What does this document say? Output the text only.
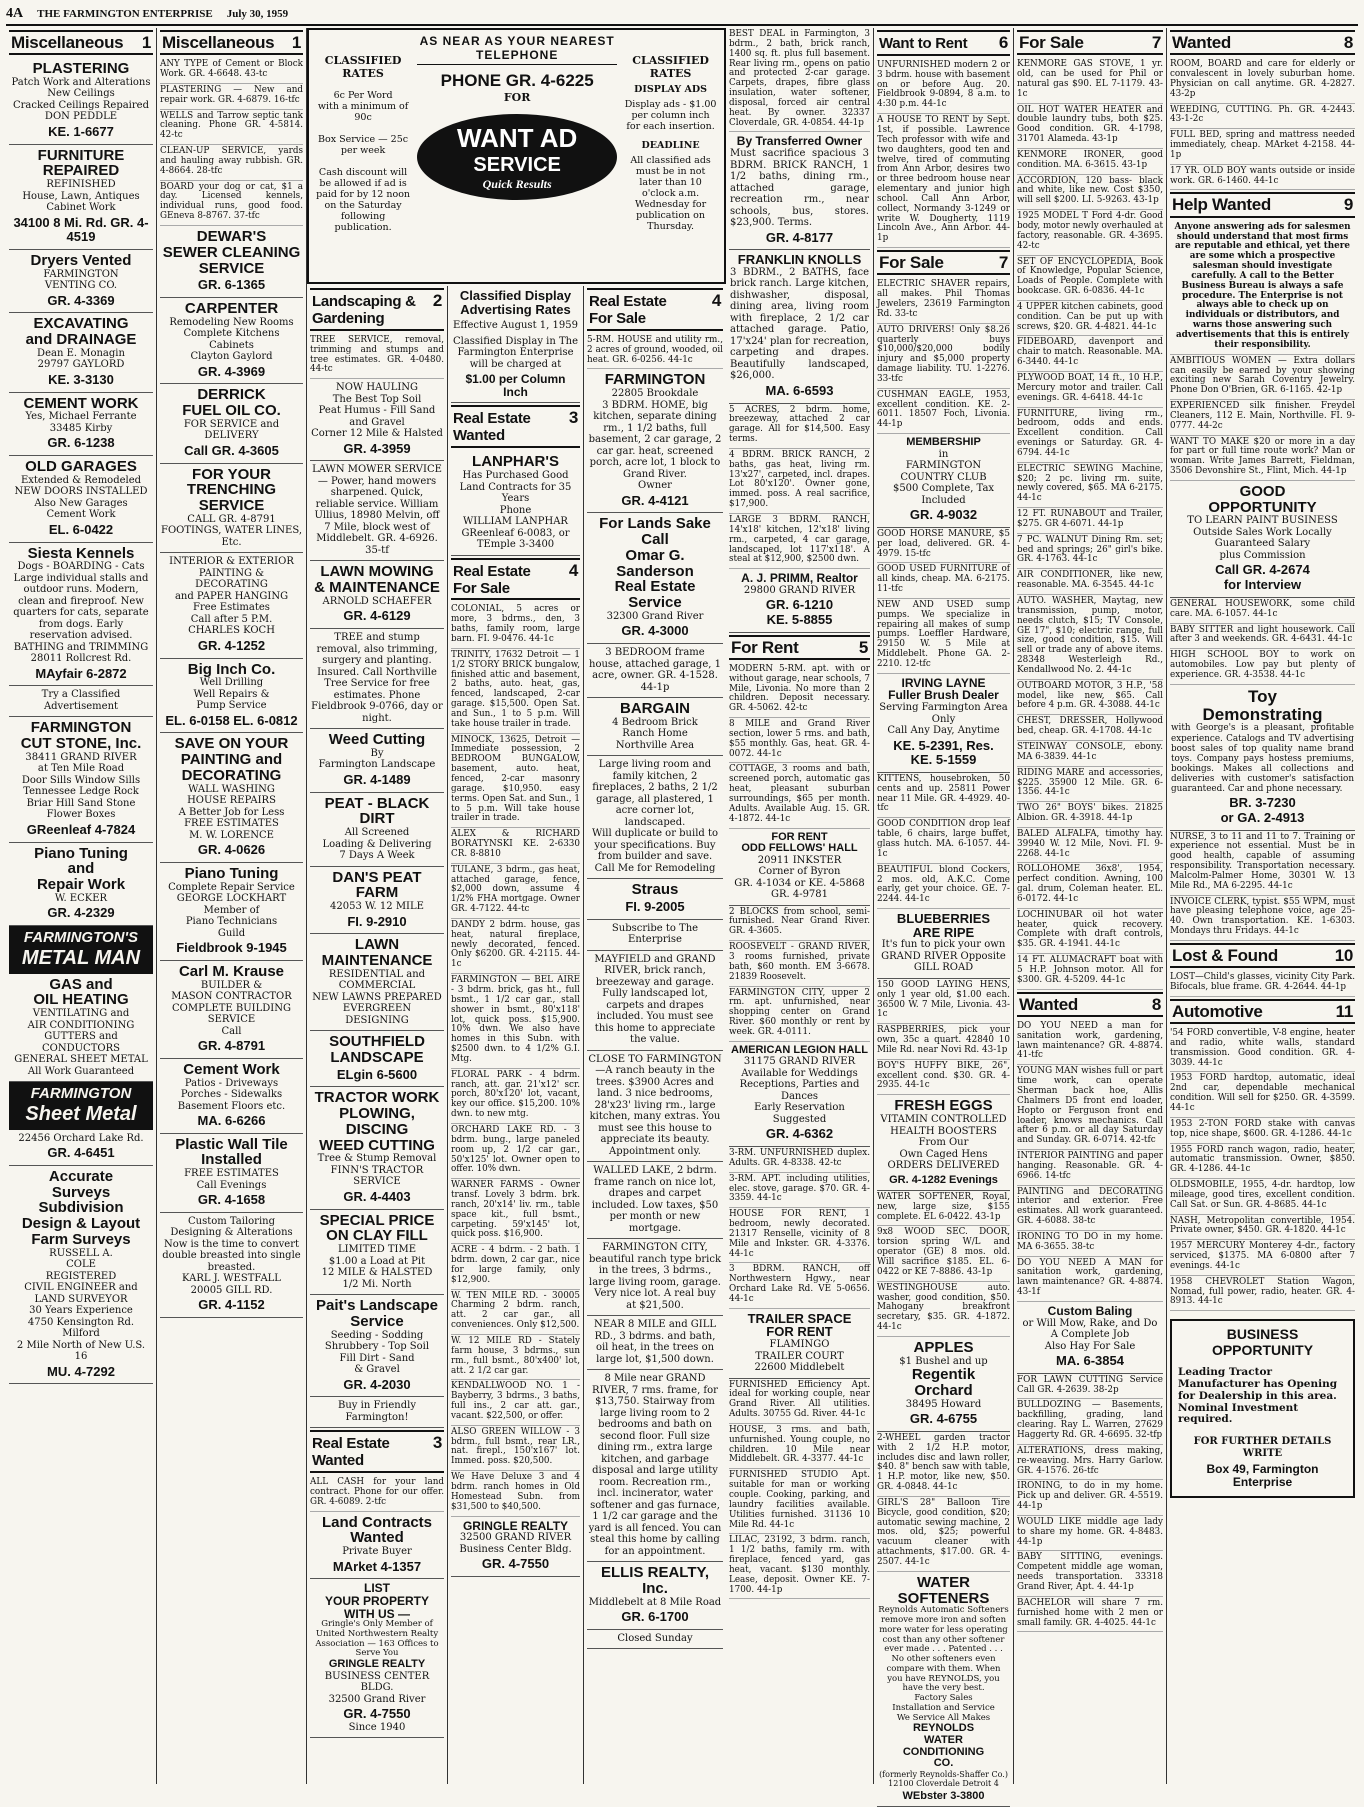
4A THE FARMINGTON ENTERPRISE July 30, 1959
Miscellaneous 1
PLASTERING
Patch Work and Alterations
New Ceilings
Cracked Ceilings Repaired
DON PEDDLE
KE. 1-6677
FURNITURE REPAIRED
REFINISHED
House, Lawn, Antiques
Cabinet Work
34100 8 Mi. Rd. GR. 4-4519
Dryers Vented
FARMINGTON
VENTING CO.
GR. 4-3369
EXCAVATING
and DRAINAGE
Dean E. Monagin
29797 GAYLORD
KE. 3-3130
CEMENT WORK
Yes, Michael Ferrante
33485 Kirby
GR. 6-1238
OLD GARAGES
Extended & Remodeled
NEW DOORS INSTALLED
Also New Garages
Cement Work
EL. 6-0422
Siesta Kennels
Dogs - BOARDING - Cats
Large individual stalls and outdoor runs. Modern, clean and fireproof. New quarters for cats, separate from dogs. Early reservation advised.
BATHING and TRIMMING
28011 Rollcrest Rd.
MAyfair 6-2872
Try a Classified Advertisement
FARMINGTON
CUT STONE, Inc.
38411 GRAND RIVER
at Ten Mile Road
Door Sills Window Sills
Tennessee Ledge Rock
Briar Hill Sand Stone
Flower Boxes
GReenleaf 4-7824
Piano Tuning
and
Repair Work
W. ECKER
GR. 4-2329
FARMINGTON'S
METAL MAN
GAS and
OIL HEATING
VENTILATING and
AIR CONDITIONING
GUTTERS and CONDUCTORS
GENERAL SHEET METAL
All Work Guaranteed
FARMINGTON
Sheet Metal
22456 Orchard Lake Rd.
GR. 4-6451
Accurate
Surveys
Subdivision
Design & Layout
Farm Surveys
RUSSELL A.
COLE
REGISTERED
CIVIL ENGINEER and
LAND SURVEYOR
30 Years Experience
4750 Kensington Rd.
Milford
2 Mile North of New U.S. 16
MU. 4-7292
Miscellaneous 1
ANY TYPE of Cement or Block Work. GR. 4-6648. 43-tc
PLASTERING — New and repair work. GR. 4-6879. 16-tfc
WELLS and Tarrow septic tank cleaning. Phone GR. 4-5814. 42-tc
CLEAN-UP SERVICE, yards and hauling away rubbish. GR. 4-8664. 28-tfc
BOARD your dog or cat, $1 a day. Licensed kennels, individual runs, good food. GEneva 8-8767. 37-tfc
DEWAR'S
SEWER CLEANING
SERVICE
GR. 6-1365
CARPENTER
Remodeling New Rooms
Complete Kitchens
Cabinets
Clayton Gaylord
GR. 4-3969
DERRICK
FUEL OIL CO.
FOR SERVICE and DELIVERY
Call GR. 4-3605
FOR YOUR
TRENCHING
SERVICE
CALL GR. 4-8791
FOOTINGS, WATER LINES, Etc.
INTERIOR & EXTERIOR
PAINTING & DECORATING
and PAPER HANGING
Free Estimates
Call after 5 P.M.
CHARLES KOCH
GR. 4-1252
Big Inch Co.
Well Drilling
Well Repairs &
Pump Service
EL. 6-0158 EL. 6-0812
SAVE ON YOUR
PAINTING and
DECORATING
WALL WASHING
HOUSE REPAIRS
A Better Job for Less
FREE ESTIMATES
M. W. LORENCE
GR. 4-0626
Piano Tuning
Complete Repair Service
GEORGE LOCKHART
Member of
Piano Technicians
Guild
Fieldbrook 9-1945
Carl M. Krause
BUILDER &
MASON CONTRACTOR
COMPLETE BUILDING
SERVICE
Call
GR. 4-8791
Cement Work
Patios - Driveways
Porches - Sidewalks
Basement Floors etc.
MA. 6-6266
Plastic Wall Tile
Installed
FREE ESTIMATES
Call Evenings
GR. 4-1658
Custom Tailoring
Designing & Alterations
Now is the time to convert double breasted into single breasted.
KARL J. WESTFALL
20005 GILL RD.
GR. 4-1152
CLASSIFIED RATES
6c Per Word
with a minimum of 90c

Box Service — 25c per week

Cash discount will be allowed if ad is paid for by 12 noon on the Saturday following publication.
AS NEAR AS YOUR NEAREST TELEPHONE
PHONE GR. 4-6225
FOR
WANT AD
SERVICE
Quick Results
CLASSIFIED RATES
DISPLAY ADS
Display ads - $1.00 per column inch for each insertion.
DEADLINE
All classified ads must be in not later than 10 o'clock a.m. Wednesday for publication on Thursday.
Landscaping &
Gardening
2
TREE SERVICE, removal, trimming and stumps and tree estimates. GR. 4-0480. 44-tc
NOW HAULING
The Best Top Soil
Peat Humus - Fill Sand
and Gravel
Corner 12 Mile & Halsted
GR. 4-3959
LAWN MOWER SERVICE — Power, hand mowers sharpened. Quick, reliable service. William Ullius, 18980 Melvin, off 7 Mile, block west of Middlebelt. GR. 4-6926. 35-tf
LAWN MOWING
& MAINTENANCE
ARNOLD SCHAEFER
GR. 4-6129
TREE and stump removal, also trimming, surgery and planting. Insured. Call Northville Tree Service for free estimates. Phone Fieldbrook 9-0766, day or night.
Weed Cutting
By
Farmington Landscape
GR. 4-1489
PEAT - BLACK DIRT
All Screened
Loading & Delivering
7 Days A Week
DAN'S PEAT FARM
42053 W. 12 MILE
FI. 9-2910
LAWN
MAINTENANCE
RESIDENTIAL and
COMMERCIAL
NEW LAWNS PREPARED
EVERGREEN DESIGNING
SOUTHFIELD
LANDSCAPE
ELgin 6-5600
TRACTOR WORK
PLOWING, DISCING
WEED CUTTING
Tree & Stump Removal
FINN'S TRACTOR SERVICE
GR. 4-4403
SPECIAL PRICE
ON CLAY FILL
LIMITED TIME
$1.00 a Load at Pit
12 MILE & HALSTED
1/2 Mi. North
Pait's Landscape
Service
Seeding - Sodding
Shrubbery - Top Soil
Fill Dirt - Sand
& Gravel
GR. 4-2030
Buy in Friendly Farmington!
Real Estate
Wanted
3
ALL CASH for your land contract. Phone for our offer. GR. 4-6089. 2-tfc
Land Contracts
Wanted
Private Buyer
MArket 4-1357
LIST
YOUR PROPERTY
WITH US —
Gringle's Only Member of United Northwestern Realty Association — 163 Offices to Serve You
GRINGLE REALTY
BUSINESS CENTER BLDG.
32500 Grand River
GR. 4-7550
Since 1940
Classified Display
Advertising Rates
Effective August 1, 1959
Classified Display in The Farmington Enterprise will be charged at
$1.00 per Column Inch
Real Estate
Wanted
3
LANPHAR'S
Has Purchased Good
Land Contracts for 35 Years
Phone
WILLIAM LANPHAR
GReenleaf 6-0083, or
TEmple 3-3400
Real Estate
For Sale
4
COLONIAL, 5 acres or more, 3 bdrms., den, 3 baths, family room, large barn. FI. 9-0476. 44-1c
TRINITY, 17632 Detroit — 1 1/2 STORY BRICK bungalow, finished attic and basement, 2 baths, auto. heat, gas, fenced, landscaped, 2-car garage. $15,500. Open Sat. and Sun., 1 to 5 p.m. Will take house trailer in trade.
MINOCK, 13625, Detroit — Immediate possession, 2 BEDROOM BUNGALOW, basement, auto. heat, fenced, 2-car masonry garage. $10,950. easy terms. Open Sat. and Sun., 1 to 5 p.m. Will take house trailer in trade.
ALEX & RICHARD BORATYNSKI KE. 2-6330 CR. 8-8810
TULANE, 3 bdrm., gas heat, attached garage, fence, $2,000 down, assume 4 1/2% FHA mortgage. Owner GR. 4-7122. 44-tc
DANDY 2 bdrm. house, gas heat, natural fireplace, newly decorated, fenced. Only $6200. GR. 4-2115. 44-1c
FARMINGTON — BEL AIRE - 3 bdrm. brick, gas ht., full bsmt., 1 1/2 car gar., stall shower in bsmt., 80'x118' lot, quick poss. $15,900. 10% dwn. We also have homes in this Subn. with $2500 dwn. to 4 1/2% G.I. Mtg.
FLORAL PARK - 4 bdrm. ranch, att. gar. 21'x12' scr. porch, 80'x120' lot, vacant, key our office. $15,200. 10% dwn. to new mtg.
ORCHARD LAKE RD. - 3 bdrm. bung., large paneled room up, 2 1/2 car gar., 50'x125' lot. Owner open to offer. 10% dwn.
WARNER FARMS - Owner transf. Lovely 3 bdrm. brk. ranch, 20'x14' liv. rm., table space kit., full bsmt., carpeting. 59'x145' lot, quick poss. $16,900.
ACRE - 4 bdrm. - 2 bath. 1 bdrm. down, 2 car gar., nice for large family, only $12,900.
W. TEN MILE RD. - 30005 Charming 2 bdrm. ranch, att. 2 car gar., all conveniences. Only $12,500.
W. 12 MILE RD - Stately farm house, 3 bdrms., sun rm., full bsmt., 80'x400' lot, att. 2 1/2 car gar.
KENDALLWOOD NO. 1 - Bayberry, 3 bdrms., 3 baths, full ins., 2 car att. gar., vacant. $22,500, or offer.
ALSO GREEN WILLOW - 3 bdrm., full bsmt., rear LR., nat. firepl., 150'x167' lot. Immed. poss. $20,500.
We Have Deluxe 3 and 4 bdrm. ranch homes in Old Homestead Subn. from $31,500 to $40,500.
GRINGLE REALTY
32500 GRAND RIVER
Business Center Bldg.
GR. 4-7550
Real Estate
For Sale
4
5-RM. HOUSE and utility rm., 2 acres of ground, wooded, oil heat. GR. 6-0256. 44-1c
FARMINGTON
22805 Brookdale
3 BDRM. HOME, big kitchen, separate dining rm., 1 1/2 baths, full basement, 2 car garage, 2 car gar. heat, screened porch, acre lot, 1 block to Grand River.
Owner
GR. 4-4121
For Lands Sake
Call
Omar G.
Sanderson
Real Estate
Service
32300 Grand River
GR. 4-3000
3 BEDROOM frame house, attached garage, 1 acre, owner. GR. 4-1528. 44-1p
BARGAIN
4 Bedroom Brick
Ranch Home
Northville Area
Large living room and family kitchen, 2 fireplaces, 2 baths, 2 1/2 garage, all plastered, 1 acre corner lot, landscaped.
Will duplicate or build to your specifications. Buy from builder and save.
Call Me for Remodeling
Straus
FI. 9-2005
Subscribe to The Enterprise
MAYFIELD and GRAND RIVER, brick ranch, breezeway and garage. Fully landscaped lot, carpets and drapes included. You must see this home to appreciate the value.
CLOSE TO FARMINGTON—A ranch beauty in the trees. $3900 Acres and land. 3 nice bedrooms, 28'x23' living rm., large kitchen, many extras. You must see this house to appreciate its beauty. Appointment only.
WALLED LAKE, 2 bdrm. frame ranch on nice lot, drapes and carpet included. Low taxes, $50 per month or new mortgage.
FARMINGTON CITY, beautiful ranch type brick in the trees, 3 bdrms., large living room, garage. Very nice lot. A real buy at $21,500.
NEAR 8 MILE and GILL RD., 3 bdrms. and bath, oil heat, in the trees on large lot, $1,500 down.
8 Mile near GRAND RIVER, 7 rms. frame, for $13,750. Stairway from large living room to 2 bedrooms and bath on second floor. Full size dining rm., extra large kitchen, and garbage disposal and large utility room. Recreation rm., incl. incinerator, water softener and gas furnace, 1 1/2 car garage and the yard is all fenced. You can steal this home by calling for an appointment.
ELLIS REALTY, Inc.
Middlebelt at 8 Mile Road
GR. 6-1700
Closed Sunday
BEST DEAL in Farmington, 3 bdrm., 2 bath, brick ranch, 1400 sq. ft. plus full basement. Rear living rm., opens on patio and protected 2-car garage. Carpets, drapes, fibre glass insulation, water softener, disposal, forced air central heat. By owner. 32337 Cloverdale, GR. 4-0854. 44-1p
By Transferred Owner
Must sacrifice spacious 3 BDRM. BRICK RANCH, 1 1/2 baths, dining rm., attached garage, recreation rm., near schools, bus, stores. $23,900. Terms.
GR. 4-8177
FRANKLIN KNOLLS
3 BDRM., 2 BATHS, face brick ranch. Large kitchen, dishwasher, disposal, dining area, living room with fireplace, 2 1/2 car attached garage. Patio, 17'x24' plan for recreation, carpeting and drapes. Beautifully landscaped, $26,000.
MA. 6-6593
5 ACRES, 2 bdrm. home, breezeway, attached 2 car garage. All for $14,500. Easy terms.
4 BDRM. BRICK RANCH, 2 baths, gas heat, living rm. 13'x27', carpeted, incl. drapes. Lot 80'x120'. Owner gone, immed. poss. A real sacrifice, $17,900.
LARGE 3 BDRM. RANCH, 14'x18' kitchen, 12'x18' living rm., carpeted, 4 car garage, landscaped, lot 117'x118'. A steal at $12,900, $2500 dwn.
A. J. PRIMM, Realtor
29800 GRAND RIVER
GR. 6-1210
KE. 5-8855
For Rent	5
MODERN 5-RM. apt. with or without garage, near schools, 7 Mile, Livonia. No more than 2 children. Deposit necessary. GR. 4-5062. 42-tc
8 MILE and Grand River section, lower 5 rms. and bath, $55 monthly. Gas, heat. GR. 4-0072. 44-1c
COTTAGE, 3 rooms and bath, screened porch, automatic gas heat, pleasant suburban surroundings, $65 per month. Adults. Available Aug. 15. GR. 4-1872. 44-1c
FOR RENT
ODD FELLOWS' HALL
20911 INKSTER
Corner of Byron
GR. 4-1034 or KE. 4-5868
GR. 4-9781
2 BLOCKS from school, semi-furnished. Near Grand River. GR. 4-3605.
ROOSEVELT - GRAND RIVER, 3 rooms furnished, private bath, $60 month. EM 3-6678. 21839 Roosevelt.
FARMINGTON CITY, upper 2 rm. apt. unfurnished, near shopping center on Grand River. $60 monthly or rent by week. GR. 4-0111.
AMERICAN LEGION HALL
31175 GRAND RIVER
Available for Weddings
Receptions, Parties and Dances
Early Reservation Suggested
GR. 4-6362
3-RM. UNFURNISHED duplex. Adults. GR. 4-8338. 42-tc
3-RM. APT. including utilities, elec. stove, garage. $70. GR. 4-3359. 44-1c
HOUSE FOR RENT, 1 bedroom, newly decorated. 21317 Renselle, vicinity of 8 Mile and Inkster. GR. 4-3376. 44-1c
3 BDRM. RANCH, off Northwestern Hgwy., near Orchard Lake Rd. VE 5-0656. 44-1c
TRAILER SPACE
FOR RENT
FLAMINGO
TRAILER COURT
22600 Middlebelt
FURNISHED Efficiency Apt. ideal for working couple, near Grand River. All utilities. Adults. 30755 Gd. River. 44-1c
HOUSE, 3 rms. and bath, unfurnished. Young couple, no children. 10 Mile near Middlebelt. GR. 4-3377. 44-1c
FURNISHED STUDIO Apt. suitable for man or working couple. Cooking, parking, and laundry facilities available. Utilities furnished. 31136 10 Mile Rd. 44-1c
LILAC, 23192, 3 bdrm. ranch, 1 1/2 baths, family rm. with fireplace, fenced yard, gas heat, vacant. $130 monthly. Lease, deposit. Owner KE. 7-1700. 44-1p
Want to Rent 6
UNFURNISHED modern 2 or 3 bdrm. house with basement on or before Aug. 20. Fieldbrook 9-0894, 8 a.m. to 4:30 p.m. 44-1c
A HOUSE TO RENT by Sept. 1st, if possible. Lawrence Tech professor with wife and two daughters, good ten and twelve, tired of commuting from Ann Arbor, desires two or three bedroom house near elementary and junior high school. Call Ann Arbor, collect, Normandy 3-1249 or write W. Dougherty, 1119 Lincoln Ave., Ann Arbor. 44-1p
For Sale	7
ELECTRIC SHAVER repairs, all makes. Phil Thomas Jewelers, 23619 Farmington Rd. 33-tc
AUTO DRIVERS! Only $8.26 quarterly buys $10,000/$20,000 bodily injury and $5,000 property damage liability. TU. 1-2276. 33-tfc
CUSHMAN EAGLE, 1953, excellent condition. KE. 2-6011. 18507 Foch, Livonia. 44-1p
MEMBERSHIP
in
FARMINGTON
COUNTRY CLUB
$500 Complete, Tax Included
GR. 4-9032
GOOD HORSE MANURE, $5 per load, delivered. GR. 4-4979. 15-tfc
GOOD USED FURNITURE of all kinds, cheap. MA. 6-2175. 11-tfc
NEW AND USED sump pumps. We specialize in repairing all makes of sump pumps. Loeffler Hardware, 29150 W. 5 Mile at Middlebelt. Phone GA. 2-2210. 12-tfc
IRVING LAYNE
Fuller Brush Dealer
Serving Farmington Area Only
Call Any Day, Anytime
KE. 5-2391, Res.
KE. 5-1559
KITTENS, housebroken, 50 cents and up. 25811 Power near 11 Mile. GR. 4-4929. 40-tfc
GOOD CONDITION drop leaf table, 6 chairs, large buffet, glass hutch. MA. 6-1057. 44-1c
BEAUTIFUL blond Cockers, 2 mos. old, A.K.C. Come early, get your choice. GE. 7-2244. 44-1c
BLUEBERRIES
ARE RIPE
It's fun to pick your own
GRAND RIVER Opposite
GILL ROAD
150 GOOD LAYING HENS, only 1 year old, $1.00 each. 36500 W. 7 Mile, Livonia. 43-1c
RASPBERRIES, pick your own, 35c a quart. 42840 10 Mile Rd. near Novi Rd. 43-1p
BOY'S HUFFY BIKE, 26", excellent cond. $30. GR. 4-2935. 44-1c
FRESH EGGS
VITAMIN CONTROLLED
HEALTH BOOSTERS
From Our
Own Caged Hens
ORDERS DELIVERED
GR. 4-1282 Evenings
WATER SOFTENER, Royal, new, large size, $155 complete. EL 6-0422. 43-1p
9x8 WOOD SEC. DOOR, torsion spring W/L and operator (GE) 8 mos. old. Will sacrifice $185. EL. 6-0422 or KE 7-8886. 43-1p
WESTINGHOUSE auto. washer, good condition, $50. Mahogany breakfront secretary, $35. GR. 4-1872. 44-1c
APPLES
$1 Bushel and up
Regentik
Orchard
38495 Howard
GR. 4-6755
2-WHEEL garden tractor with 2 1/2 H.P. motor, includes disc and lawn roller, $40. 8" bench saw with table, 1 H.P. motor, like new, $50. GR. 4-0848. 44-1c
GIRL'S 28" Balloon Tire Bicycle, good condition, $20; automatic sewing machine, 2 mos. old, $25; powerful vacuum cleaner with attachments, $17.00. GR. 4-2507. 44-1c
WATER
SOFTENERS
Reynolds Automatic Softeners remove more iron and soften more water for less operating cost than any other softener ever made . . . Patented . . . No other softeners even compare with them. When you have REYNOLDS, you have the very best.
Factory Sales
Installation and Service
We Service All Makes
REYNOLDS
WATER
CONDITIONING
CO.
(formerly Reynolds-Shaffer Co.)
12100 Cloverdale Detroit 4
WEbster 3-3800
For Sale	7
KENMORE GAS STOVE, 1 yr. old, can be used for Phil or natural gas $90. EL 7-1179. 43-1c
OIL HOT WATER HEATER and double laundry tubs, both $25. Good condition. GR. 4-1798, 31701 Alameda. 43-1p
KENMORE IRONER, good condition. MA. 6-3615. 43-1p
ACCORDION, 120 bass- black and white, like new. Cost $350, will sell $200. LI. 5-9263. 43-1p
1925 MODEL T Ford 4-dr. Good body, motor newly overhauled at factory, reasonable. GR. 4-3695. 42-tc
SET OF ENCYCLOPEDIA, Book of Knowledge, Popular Science, Loads of People. Complete with bookcase. GR. 6-0836. 44-1c
4 UPPER kitchen cabinets, good condition. Can be put up with screws, $20. GR. 4-4821. 44-1c
FIDEBOARD, davenport and chair to match. Reasonable. MA. 6-3440. 44-1c
PLYWOOD BOAT, 14 ft., 10 H.P., Mercury motor and trailer. Call evenings. GR. 4-6418. 44-1c
FURNITURE, living rm., bedroom, odds and ends. Excellent condition. Call evenings or Saturday. GR. 4-6794. 44-1c
ELECTRIC SEWING Machine, $20; 2 pc. living rm. suite, newly covered, $65. MA 6-2175. 44-1c
12 FT. RUNABOUT and Trailer, $275. GR 4-6071. 44-1p
7 PC. WALNUT Dining Rm. set; bed and springs; 26" girl's bike. GR. 4-1763. 44-1c
AIR CONDITIONER, like new, reasonable. MA. 6-3545. 44-1c
AUTO. WASHER, Maytag, new transmission, pump, motor, needs clutch, $15; TV Console, GE 17", $10; electric range, full size, good condition, $15. Will sell or trade any of above items. 28348 Westerleigh Rd., Kendallwood No. 2. 44-1c
OUTBOARD MOTOR, 3 H.P., '58 model, like new, $65. Call before 4 p.m. GR. 4-3088. 44-1c
CHEST, DRESSER, Hollywood bed, cheap. GR. 4-1708. 44-1c
STEINWAY CONSOLE, ebony. MA 6-3839. 44-1c
RIDING MARE and accessories, $225. 35900 12 Mile. GR. 6-1356. 44-1c
TWO 26" BOYS' bikes. 21825 Albion. GR. 4-3918. 44-1p
BALED ALFALFA, timothy hay. 39940 W. 12 Mile, Novi. FI. 9-2268. 44-1c
ROLLOHOME 36x8', 1954, perfect condition. Awning, 100 gal. drum, Coleman heater. EL. 6-0172. 44-1c
LOCHINUBAR oil hot water heater, quick recovery. Complete with draft controls, $35. GR. 4-1941. 44-1c
14 FT. ALUMACRAFT boat with 5 H.P. Johnson motor. All for $300. GR. 4-5209. 44-1c
Wanted	8
DO YOU NEED a man for sanitation work, gardening, lawn maintenance? GR. 4-8874. 41-tfc
YOUNG MAN wishes full or part time work, can operate Sherman back hoe, Allis Chalmers D5 front end loader, Hopto or Ferguson front end loader, knows mechanics. Call after 6 p.m. or all day Saturday and Sunday. GR. 6-0714. 42-tfc
INTERIOR PAINTING and paper hanging. Reasonable. GR. 4-6966. 14-tfc
PAINTING and DECORATING interior and exterior. Free estimates. All work guaranteed. GR. 4-6088. 38-tc
IRONING TO DO in my home. MA 6-3655. 38-tc
DO YOU NEED A MAN for sanitation work, gardening, lawn maintenance? GR. 4-8874. 43-1f
Custom Baling
or Will Mow, Rake, and Do
A Complete Job
Also Hay For Sale
MA. 6-3854
FOR LAWN CUTTING Service Call GR. 4-2639. 38-2p
BULLDOZING — Basements, backfilling, grading, land clearing. Ray L. Warren, 27629 Haggerty Rd. GR. 4-6695. 32-tfp
ALTERATIONS, dress making, re-weaving. Mrs. Harry Garlow. GR. 4-1576. 26-tfc
IRONING, to do in my home. Pick up and deliver. GR. 4-5519. 44-1p
WOULD LIKE middle age lady to share my home. GR. 4-8483. 44-1p
BABY SITTING, evenings. Competent middle age woman, needs transportation. 33318 Grand River, Apt. 4. 44-1p
BACHELOR will share 7 rm. furnished home with 2 men or small family. GR. 4-4025. 44-1c
Wanted	8
ROOM, BOARD and care for elderly or convalescent in lovely suburban home. Physician on call anytime. GR. 4-2827. 43-2p
WEEDING, CUTTING. Ph. GR. 4-2443. 43-1-2c
FULL BED, spring and mattress needed immediately, cheap. MArket 4-2158. 44-1p
17 YR. OLD BOY wants outside or inside work. GR. 6-1460. 44-1c
Help Wanted	9
Anyone answering ads for salesmen should understand that most firms are reputable and ethical, yet there are some which a prospective salesman should investigate carefully. A call to the Better Business Bureau is always a safe procedure. The Enterprise is not always able to check up on individuals or distributors, and warns those answering such advertisements that this is entirely their responsibility.
AMBITIOUS WOMEN — Extra dollars can easily be earned by your showing exciting new Sarah Coventry Jewelry. Phone Don O'Brien, GR. 6-1165. 42-1p
EXPERIENCED silk finisher. Freydel Cleaners, 112 E. Main, Northville. FI. 9-0777. 44-2c
WANT TO MAKE $20 or more in a day for part or full time route work? Man or woman. Write James Barrett, Fieldman, 3506 Devonshire St., Flint, Mich. 44-1p
GOOD
OPPORTUNITY
TO LEARN PAINT BUSINESS
Outside Sales Work Locally
Guaranteed Salary
plus Commission
Call GR. 4-2674
for Interview
GENERAL HOUSEWORK, some child care. MA. 6-1057. 44-1c
BABY SITTER and light housework. Call after 3 and weekends. GR. 4-6431. 44-1c
HIGH SCHOOL BOY to work on automobiles. Low pay but plenty of experience. GR. 4-3538. 44-1c
Toy
Demonstrating
with George's is a pleasant, profitable experience. Catalogs and TV advertising boost sales of top quality name brand toys. Company pays hostess premiums, bookings. Makes all collections and deliveries with customer's satisfaction guaranteed. Car and phone necessary.
BR. 3-7230
or GA. 2-4913
NURSE, 3 to 11 and 11 to 7. Training or experience not essential. Must be in good health, capable of assuming responsibility. Transportation necessary. Malcolm-Palmer Home, 30301 W. 13 Mile Rd., MA 6-2295. 44-1c
INVOICE CLERK, typist. $55 WPM, must have pleasing telephone voice, age 25-40. Own transportation. KE. 1-6303. Mondays thru Fridays. 44-1c
Lost & Found	10
LOST—Child's glasses, vicinity City Park. Bifocals, blue frame. GR. 4-2644. 44-1p
Automotive	11
'54 FORD convertible, V-8 engine, heater and radio, white walls, standard transmission. Good condition. GR. 4-3039. 44-1c
1953 FORD hardtop, automatic, ideal 2nd car, dependable mechanical condition. Will sell for $250. GR. 4-3599. 44-1c
1953 2-TON FORD stake with canvas top, nice shape, $600. GR. 4-1286. 44-1c
1955 FORD ranch wagon, radio, heater, automatic transmission. Owner, $850. GR. 4-1286. 44-1c
OLDSMOBILE, 1955, 4-dr. hardtop, low mileage, good tires, excellent condition. Call Sat. or Sun. GR. 4-8685. 44-1c
NASH, Metropolitan convertible, 1954. Private owner, $450. GR. 4-1820. 44-1c
1957 MERCURY Monterey 4-dr., factory serviced, $1375. MA 6-0800 after 7 evenings. 44-1c
1958 CHEVROLET Station Wagon, Nomad, full power, radio, heater. GR. 4-8913. 44-1c
BUSINESS OPPORTUNITY
Leading Tractor Manufacturer has Opening for Dealership in this area. Nominal Investment required.
FOR FURTHER DETAILS WRITE
Box 49, Farmington Enterprise
